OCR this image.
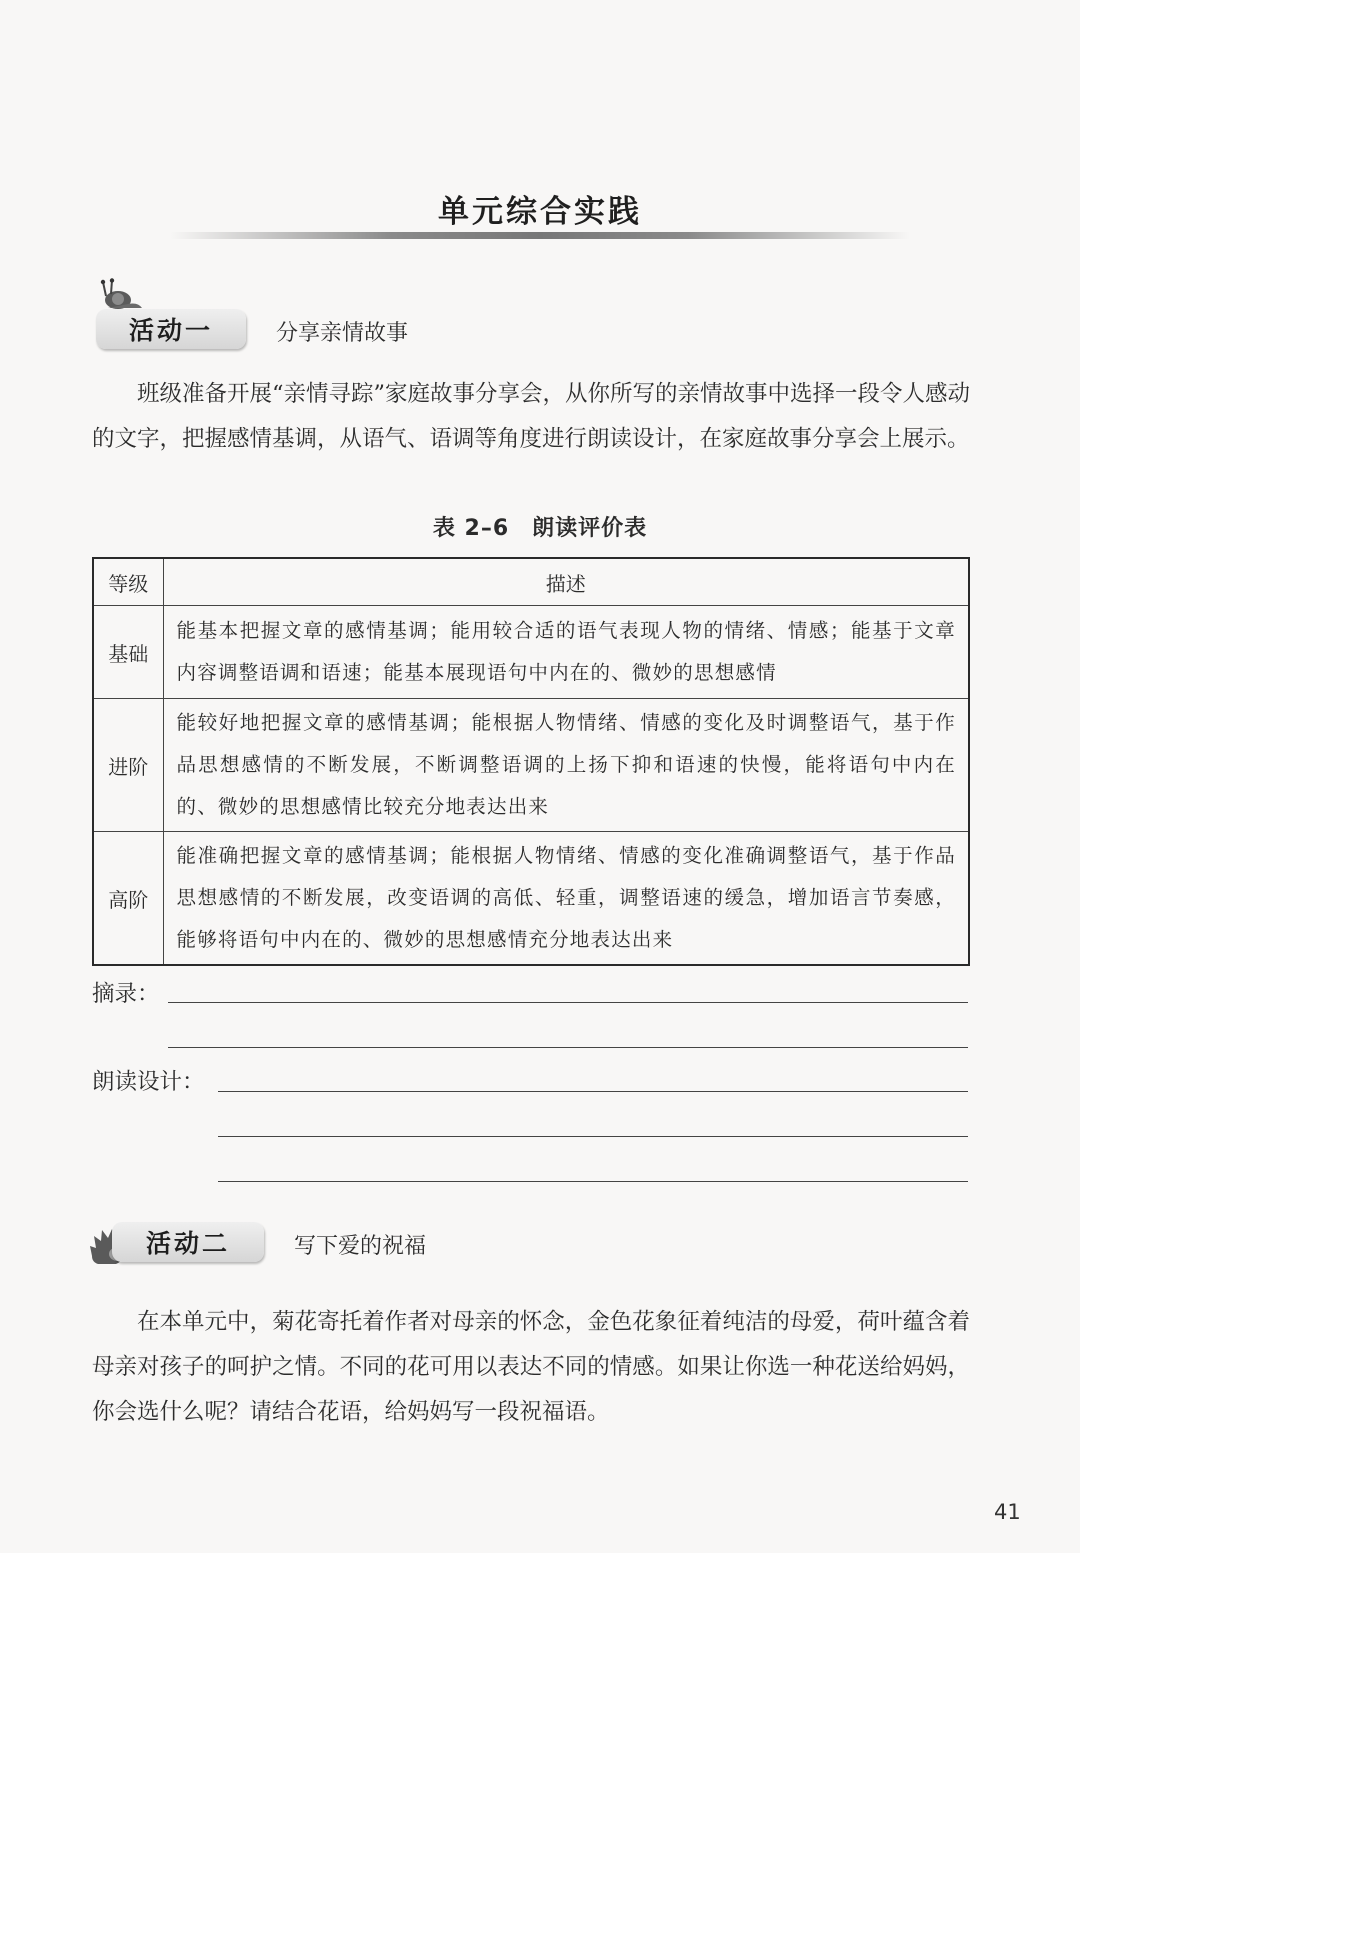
单元综合实践
活动一	分享亲情故事
班级准备开展“亲情寻踪”家庭故事分享会，从你所写的亲情故事中选择一段令人感动的文字，把握感情基调，从语气、语调等角度进行朗读设计，在家庭故事分享会上展示。
表 2–6　朗读评价表
等级	描述
基础	能基本把握文章的感情基调；能用较合适的语气表现人物的情绪、情感；能基于文章内容调整语调和语速；能基本展现语句中内在的、微妙的思想感情
进阶	能较好地把握文章的感情基调；能根据人物情绪、情感的变化及时调整语气，基于作品思想感情的不断发展，不断调整语调的上扬下抑和语速的快慢，能将语句中内在的、微妙的思想感情比较充分地表达出来
高阶	能准确把握文章的感情基调；能根据人物情绪、情感的变化准确调整语气，基于作品思想感情的不断发展，改变语调的高低、轻重，调整语速的缓急，增加语言节奏感，能够将语句中内在的、微妙的思想感情充分地表达出来
摘录：
朗读设计：
活动二	写下爱的祝福
在本单元中，菊花寄托着作者对母亲的怀念，金色花象征着纯洁的母爱，荷叶蕴含着母亲对孩子的呵护之情。不同的花可用以表达不同的情感。如果让你选一种花送给妈妈，你会选什么呢？请结合花语，给妈妈写一段祝福语。
41
